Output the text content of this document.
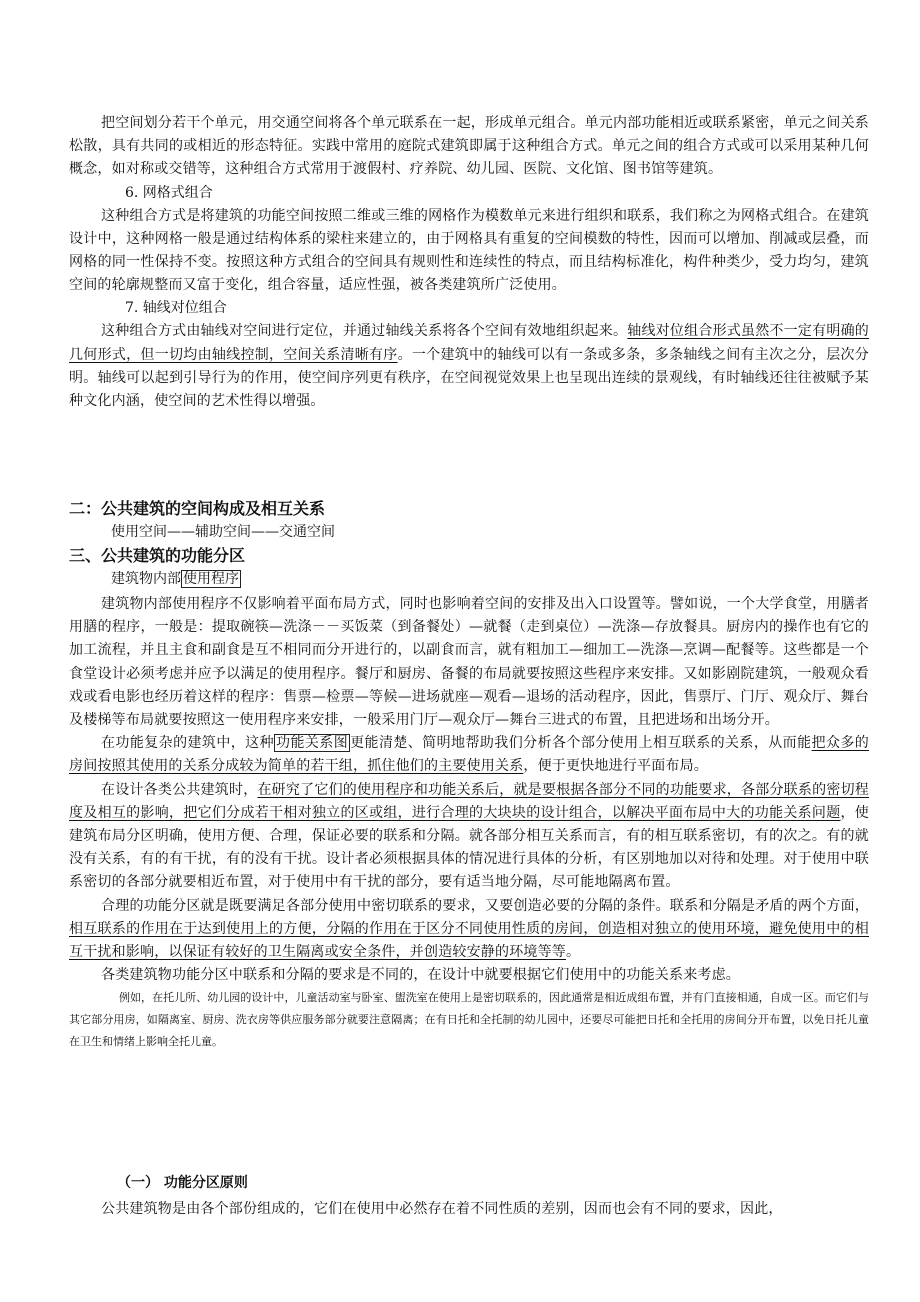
把空间划分若干个单元，用交通空间将各个单元联系在一起，形成单元组合。单元内部功能相近或联系紧密，单元之间关系松散，具有共同的或相近的形态特征。实践中常用的庭院式建筑即属于这种组合方式。单元之间的组合方式或可以采用某种几何概念，如对称或交错等，这种组合方式常用于渡假村、疗养院、幼儿园、医院、文化馆、图书馆等建筑。

6. 网格式组合

这种组合方式是将建筑的功能空间按照二维或三维的网格作为模数单元来进行组织和联系，我们称之为网格式组合。在建筑设计中，这种网格一般是通过结构体系的梁柱来建立的，由于网格具有重复的空间模数的特性，因而可以增加、削减或层叠，而网格的同一性保持不变。按照这种方式组合的空间具有规则性和连续性的特点，而且结构标准化，构件种类少，受力均匀，建筑空间的轮廓规整而又富于变化，组合容量，适应性强，被各类建筑所广泛使用。

7. 轴线对位组合

这种组合方式由轴线对空间进行定位，并通过轴线关系将各个空间有效地组织起来。轴线对位组合形式虽然不一定有明确的几何形式，但一切均由轴线控制，空间关系清晰有序。一个建筑中的轴线可以有一条或多条，多条轴线之间有主次之分，层次分明。轴线可以起到引导行为的作用，使空间序列更有秩序，在空间视觉效果上也呈现出连续的景观线，有时轴线还往往被赋予某种文化内涵，使空间的艺术性得以增强。

二：公共建筑的空间构成及相互关系

使用空间——辅助空间——交通空间

三、公共建筑的功能分区

建筑物内部 使用程序

建筑物内部使用程序不仅影响着平面布局方式，同时也影响着空间的安排及出入口设置等。譬如说，一个大学食堂，用膳者用膳的程序，一般是：提取碗筷—洗涤－－买饭菜（到备餐处）—就餐（走到桌位）—洗涤—存放餐具。厨房内的操作也有它的加工流程，并且主食和副食是互不相同而分开进行的，以副食而言，就有粗加工—细加工—洗涤—烹调—配餐等。这些都是一个食堂设计必须考虑并应予以满足的使用程序。餐厅和厨房、备餐的布局就要按照这些程序来安排。又如影剧院建筑，一般观众看戏或看电影也经历着这样的程序：售票—检票—等候—进场就座—观看—退场的活动程序，因此，售票厅、门厅、观众厅、舞台及楼梯等布局就要按照这一使用程序来安排，一般采用门厅—观众厅—舞台三进式的布置，且把进场和出场分开。

在功能复杂的建筑中，这种 功能关系图 更能清楚、简明地帮助我们分析各个部分使用上相互联系的关系，从而能把众多的房间按照其使用的关系分成较为简单的若干组，抓住他们的主要使用关系，便于更快地进行平面布局。

在设计各类公共建筑时，在研究了它们的使用程序和功能关系后，就是要根据各部分不同的功能要求，各部分联系的密切程度及相互的影响，把它们分成若干相对独立的区或组，进行合理的大块块的设计组合，以解决平面布局中大的功能关系问题，使建筑布局分区明确，使用方便、合理，保证必要的联系和分隔。就各部分相互关系而言，有的相互联系密切，有的次之。有的就没有关系，有的有干扰，有的没有干扰。设计者必须根据具体的情况进行具体的分析，有区别地加以对待和处理。对于使用中联系密切的各部分就要相近布置，对于使用中有干扰的部分，要有适当地分隔，尽可能地隔离布置。

合理的功能分区就是既要满足各部分使用中密切联系的要求，又要创造必要的分隔的条件。联系和分隔是矛盾的两个方面，相互联系的作用在于达到使用上的方便，分隔的作用在于区分不同使用性质的房间，创造相对独立的使用环境，避免使用中的相互干扰和影响，以保证有较好的卫生隔离或安全条件，并创造较安静的环境等等。

各类建筑物功能分区中联系和分隔的要求是不同的，在设计中就要根据它们使用中的功能关系来考虑。

例如，在托儿所、幼儿园的设计中，儿童活动室与卧室、盥洗室在使用上是密切联系的，因此通常是相近成组布置，并有门直接相通，自成一区。而它们与其它部分用房，如隔离室、厨房、洗衣房等供应服务部分就要注意隔离；在有日托和全托制的幼儿园中，还要尽可能把日托和全托用的房间分开布置，以免日托儿童在卫生和情绪上影响全托儿童。

（一） 功能分区原则

公共建筑物是由各个部份组成的，它们在使用中必然存在着不同性质的差别，因而也会有不同的要求，因此，
